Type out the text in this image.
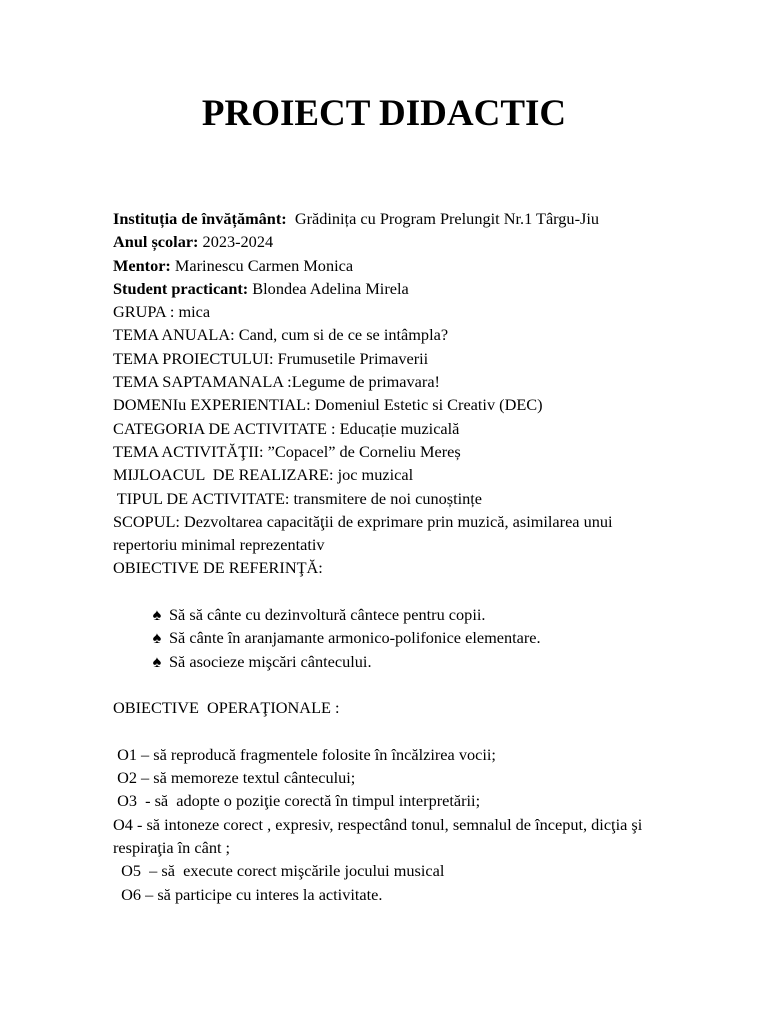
PROIECT DIDACTIC

Instituția de învățământ:  Grădinița cu Program Prelungit Nr.1 Târgu-Jiu

Anul școlar: 2023-2024

Mentor: Marinescu Carmen Monica

Student practicant: Blondea Adelina Mirela

GRUPA : mica

TEMA ANUALA: Cand, cum si de ce se intâmpla?

TEMA PROIECTULUI: Frumusetile Primaverii

TEMA SAPTAMANALA :Legume de primavara!

DOMENIu EXPERIENTIAL: Domeniul Estetic si Creativ (DEC)

CATEGORIA DE ACTIVITATE : Educație muzicală

TEMA ACTIVITĂŢII: ”Copacel” de Corneliu Mereș

MIJLOACUL  DE REALIZARE: joc muzical

TIPUL DE ACTIVITATE: transmitere de noi cunoștințe

SCOPUL: Dezvoltarea capacităţii de exprimare prin muzică, asimilarea unui repertoriu minimal reprezentativ

OBIECTIVE DE REFERINŢĂ:

♠ Să să cânte cu dezinvoltură cântece pentru copii.

♠ Să cânte în aranjamante armonico-polifonice elementare.

♠ Să asocieze mişcări cântecului.

OBIECTIVE  OPERAŢIONALE :

O1 – să reproducă fragmentele folosite în încălzirea vocii;

O2 – să memoreze textul cântecului;

O3  - să  adopte o poziţie corectă în timpul interpretării;

O4 - să intoneze corect , expresiv, respectând tonul, semnalul de început, dicţia şi respiraţia în cânt ;

O5  – să  execute corect mişcările jocului musical

O6 – să participe cu interes la activitate.
